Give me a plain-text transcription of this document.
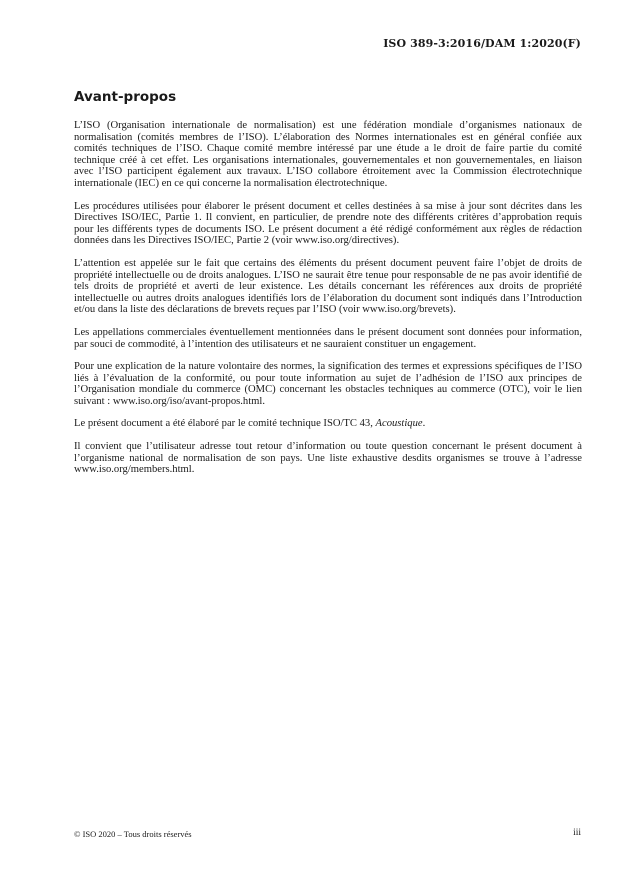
ISO 389-3:2016/DAM 1:2020(F)
Avant-propos

L’ISO (Organisation internationale de normalisation) est une fédération mondiale d’organismes nationaux de normalisation (comités membres de l’ISO). L’élaboration des Normes internationales est en général confiée aux comités techniques de l’ISO. Chaque comité membre intéressé par une étude a le droit de faire partie du comité technique créé à cet effet. Les organisations internationales, gouvernementales et non gouvernementales, en liaison avec l’ISO participent également aux travaux. L’ISO collabore étroitement avec la Commission électrotechnique internationale (IEC) en ce qui concerne la normalisation électrotechnique.

Les procédures utilisées pour élaborer le présent document et celles destinées à sa mise à jour sont décrites dans les Directives ISO/IEC, Partie 1. Il convient, en particulier, de prendre note des différents critères d’approbation requis pour les différents types de documents ISO. Le présent document a été rédigé conformément aux règles de rédaction données dans les Directives ISO/IEC, Partie 2 (voir www.iso.org/directives).

L’attention est appelée sur le fait que certains des éléments du présent document peuvent faire l’objet de droits de propriété intellectuelle ou de droits analogues. L’ISO ne saurait être tenue pour responsable de ne pas avoir identifié de tels droits de propriété et averti de leur existence. Les détails concernant les références aux droits de propriété intellectuelle ou autres droits analogues identifiés lors de l’élaboration du document sont indiqués dans l’Introduction et/ou dans la liste des déclarations de brevets reçues par l’ISO (voir www.iso.org/brevets).

Les appellations commerciales éventuellement mentionnées dans le présent document sont données pour information, par souci de commodité, à l’intention des utilisateurs et ne sauraient constituer un engagement.

Pour une explication de la nature volontaire des normes, la signification des termes et expressions spécifiques de l’ISO liés à l’évaluation de la conformité, ou pour toute information au sujet de l’adhésion de l’ISO aux principes de l’Organisation mondiale du commerce (OMC) concernant les obstacles techniques au commerce (OTC), voir le lien suivant : www.iso.org/iso/avant-propos.html.

Le présent document a été élaboré par le comité technique ISO/TC 43, Acoustique.

Il convient que l’utilisateur adresse tout retour d’information ou toute question concernant le présent document à l’organisme national de normalisation de son pays. Une liste exhaustive desdits organismes se trouve à l’adresse www.iso.org/members.html.

© ISO 2020 – Tous droits réservés	iii
